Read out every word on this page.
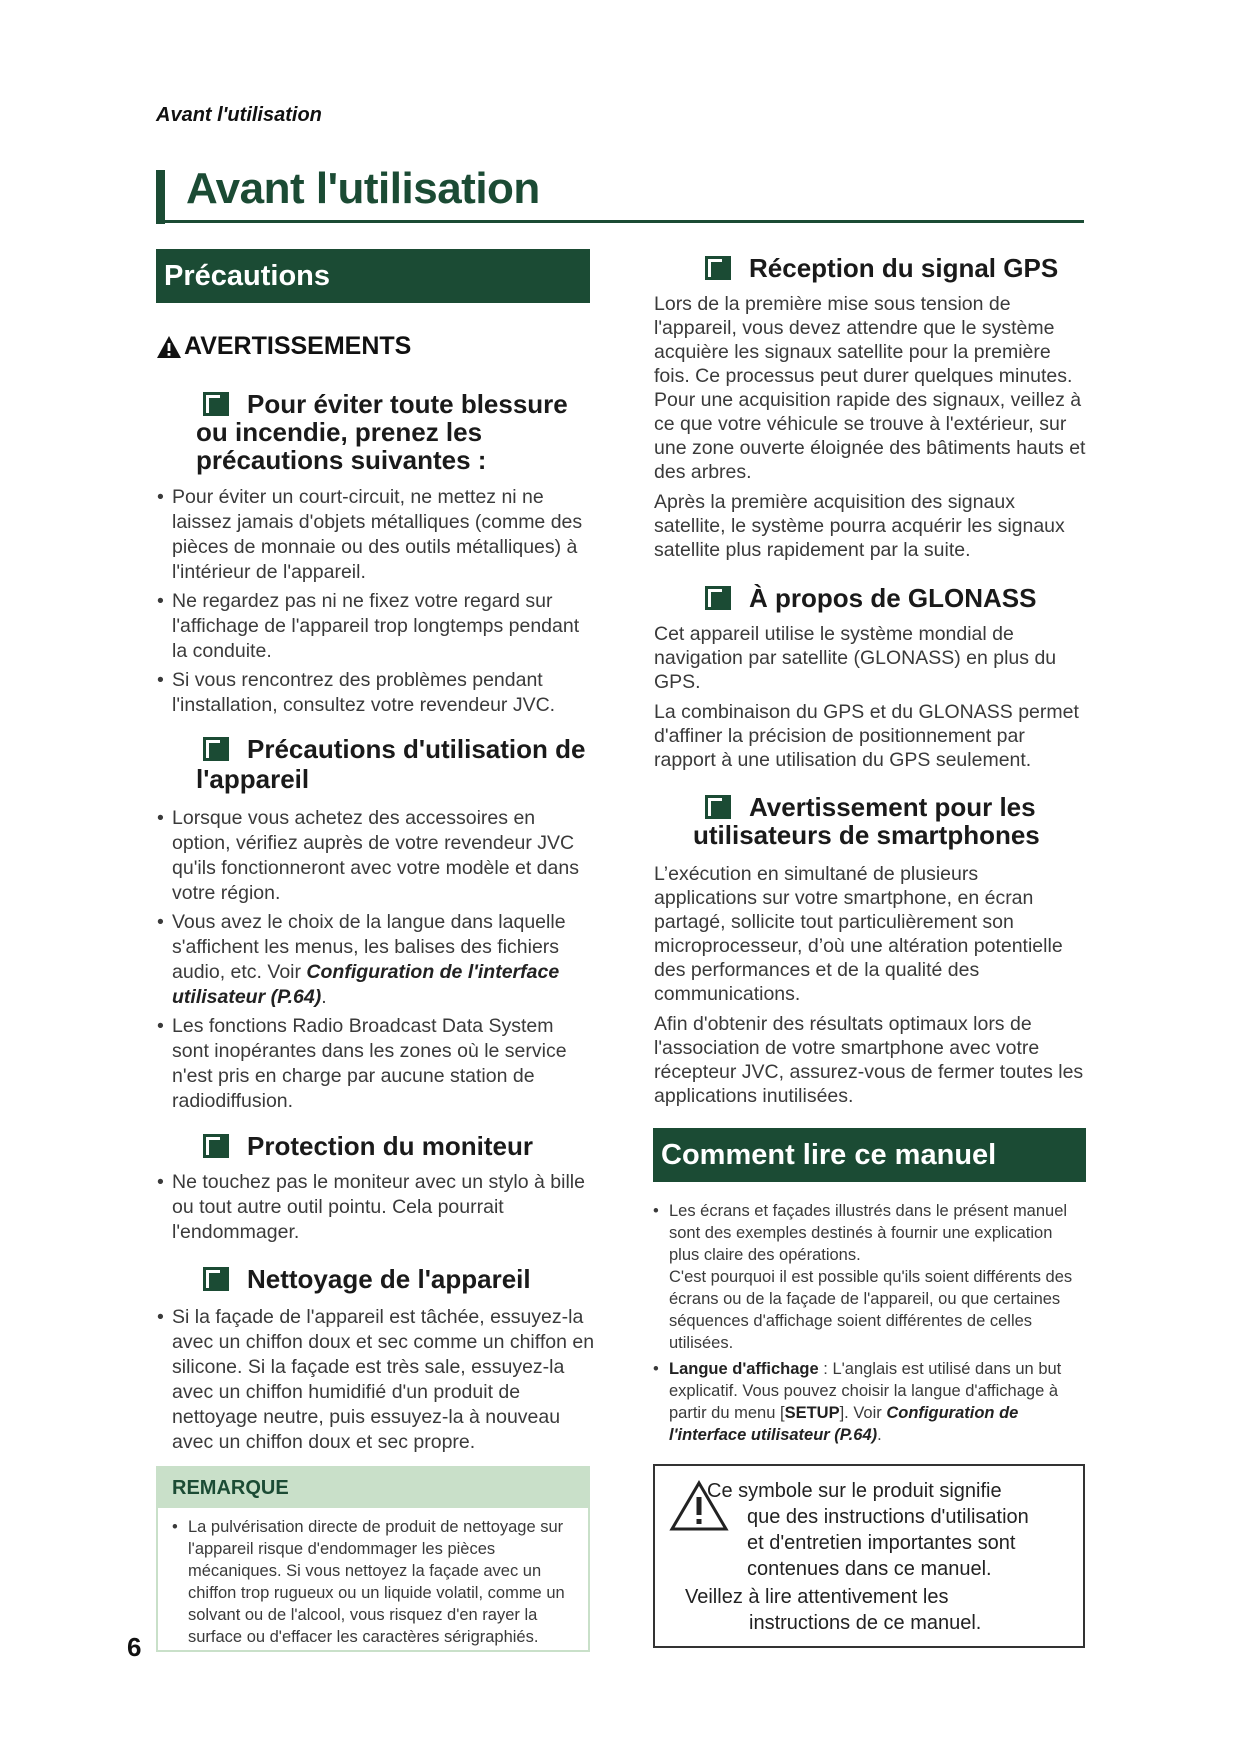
Avant l'utilisation
Avant l'utilisation
Précautions
AVERTISSEMENTS
Pour éviter toute blessure
ou incendie, prenez les
précautions suivantes :
• Pour éviter un court-circuit, ne mettez ni ne laissez jamais d'objets métalliques (comme des pièces de monnaie ou des outils métalliques) à l'intérieur de l'appareil.
• Ne regardez pas ni ne fixez votre regard sur l'affichage de l'appareil trop longtemps pendant la conduite.
• Si vous rencontrez des problèmes pendant l'installation, consultez votre revendeur JVC.
Précautions d'utilisation de
l'appareil
• Lorsque vous achetez des accessoires en option, vérifiez auprès de votre revendeur JVC qu'ils fonctionneront avec votre modèle et dans votre région.
• Vous avez le choix de la langue dans laquelle s'affichent les menus, les balises des fichiers audio, etc. Voir Configuration de l'interface utilisateur (P.64).
• Les fonctions Radio Broadcast Data System sont inopérantes dans les zones où le service n'est pris en charge par aucune station de radiodiffusion.
Protection du moniteur
• Ne touchez pas le moniteur avec un stylo à bille ou tout autre outil pointu. Cela pourrait l'endommager.
Nettoyage de l'appareil
• Si la façade de l'appareil est tâchée, essuyez-la avec un chiffon doux et sec comme un chiffon en silicone. Si la façade est très sale, essuyez-la avec un chiffon humidifié d'un produit de nettoyage neutre, puis essuyez-la à nouveau avec un chiffon doux et sec propre.
REMARQUE
• La pulvérisation directe de produit de nettoyage sur l'appareil risque d'endommager les pièces mécaniques. Si vous nettoyez la façade avec un chiffon trop rugueux ou un liquide volatil, comme un solvant ou de l'alcool, vous risquez d'en rayer la surface ou d'effacer les caractères sérigraphiés.
Réception du signal GPS

Lors de la première mise sous tension de l'appareil, vous devez attendre que le système acquière les signaux satellite pour la première fois. Ce processus peut durer quelques minutes. Pour une acquisition rapide des signaux, veillez à ce que votre véhicule se trouve à l'extérieur, sur une zone ouverte éloignée des bâtiments hauts et des arbres.

Après la première acquisition des signaux satellite, le système pourra acquérir les signaux satellite plus rapidement par la suite.

À propos de GLONASS

Cet appareil utilise le système mondial de navigation par satellite (GLONASS) en plus du GPS.

La combinaison du GPS et du GLONASS permet d'affiner la précision de positionnement par rapport à une utilisation du GPS seulement.

Avertissement pour les
utilisateurs de smartphones

L’exécution en simultané de plusieurs applications sur votre smartphone, en écran partagé, sollicite tout particulièrement son microprocesseur, d’où une altération potentielle des performances et de la qualité des communications.

Afin d'obtenir des résultats optimaux lors de l'association de votre smartphone avec votre récepteur JVC, assurez-vous de fermer toutes les applications inutilisées.

Comment lire ce manuel
• Les écrans et façades illustrés dans le présent manuel sont des exemples destinés à fournir une explication plus claire des opérations.
C'est pourquoi il est possible qu'ils soient différents des écrans ou de la façade de l'appareil, ou que certaines séquences d'affichage soient différentes de celles utilisées.
• Langue d'affichage : L'anglais est utilisé dans un but explicatif. Vous pouvez choisir la langue d'affichage à partir du menu [SETUP]. Voir Configuration de l'interface utilisateur (P.64).
Ce symbole sur le produit signifie
que des instructions d'utilisation
et d'entretien importantes sont
contenues dans ce manuel.
Veillez à lire attentivement les
instructions de ce manuel.
6
